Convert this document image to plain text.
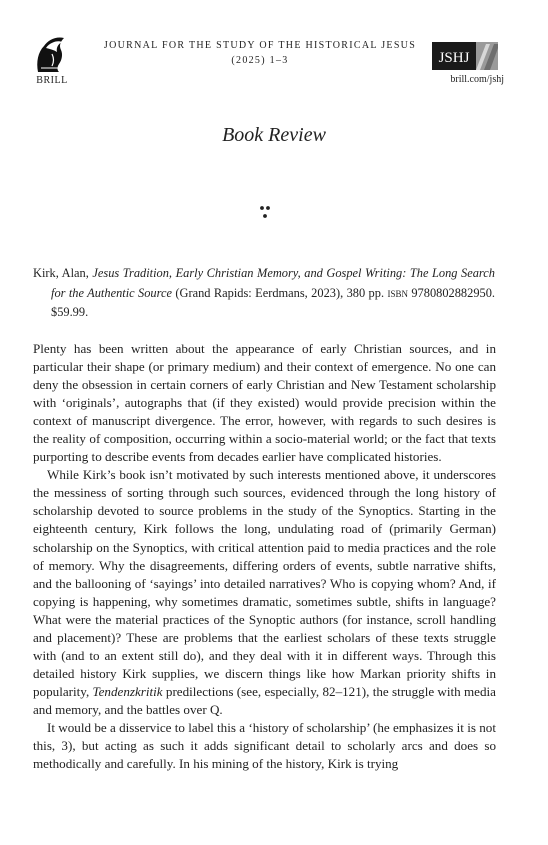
BRILL
JOURNAL FOR THE STUDY OF THE HISTORICAL JESUS
(2025) 1–3	JSHJ
brill.com/jshj
Book Review

Kirk, Alan, Jesus Tradition, Early Christian Memory, and Gospel Writing: The Long Search for the Authentic Source (Grand Rapids: Eerdmans, 2023), 380 pp. isbn 9780802882950. $59.99.

Plenty has been written about the appearance of early Christian sources, and in particular their shape (or primary medium) and their context of emergence. No one can deny the obsession in certain corners of early Christian and New Testament scholarship with ‘originals’, autographs that (if they existed) would provide precision within the context of manuscript divergence. The error, however, with regards to such desires is the reality of composition, occurring within a socio-material world; or the fact that texts purporting to describe events from decades earlier have complicated histories.

While Kirk’s book isn’t motivated by such interests mentioned above, it underscores the messiness of sorting through such sources, evidenced through the long history of scholarship devoted to source problems in the study of the Synoptics. Starting in the eighteenth century, Kirk follows the long, undulating road of (primarily German) scholarship on the Synoptics, with critical attention paid to media practices and the role of memory. Why the disagreements, differing orders of events, subtle narrative shifts, and the ballooning of ‘sayings’ into detailed narratives? Who is copying whom? And, if copying is happening, why sometimes dramatic, sometimes subtle, shifts in language? What were the material practices of the Synoptic authors (for instance, scroll handling and placement)? These are problems that the earliest scholars of these texts struggle with (and to an extent still do), and they deal with it in different ways. Through this detailed history Kirk supplies, we discern things like how Markan priority shifts in popularity, Tendenzkritik predilections (see, especially, 82–121), the struggle with media and memory, and the battles over Q.

It would be a disservice to label this a ‘history of scholarship’ (he emphasizes it is not this, 3), but acting as such it adds significant detail to scholarly arcs and does so methodically and carefully. In his mining of the history, Kirk is trying
